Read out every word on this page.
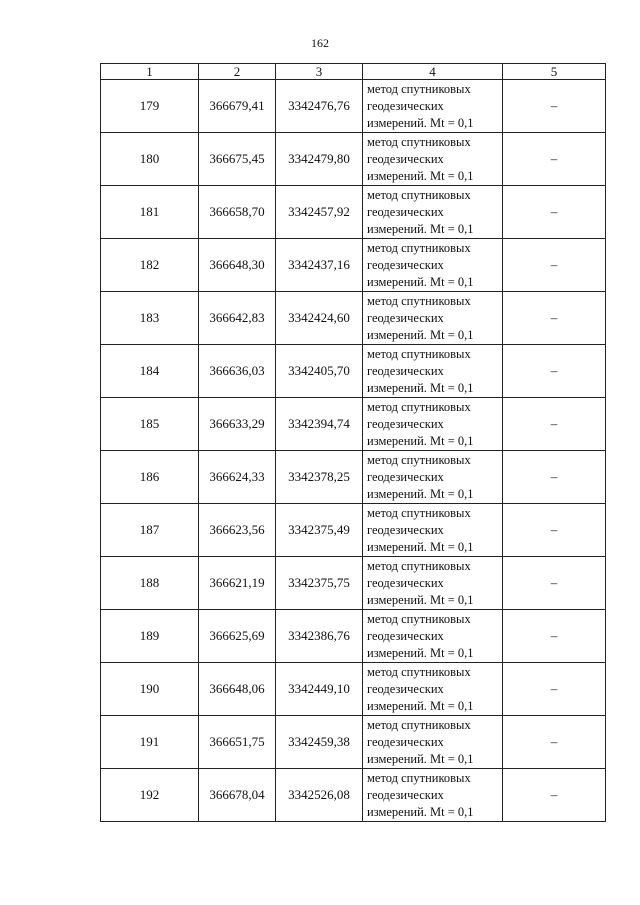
162
1	2	3	4	5
179	366679,41	3342476,76	метод спутниковых
геодезических
измерений. Mt = 0,1	–
180	366675,45	3342479,80	метод спутниковых
геодезических
измерений. Mt = 0,1	–
181	366658,70	3342457,92	метод спутниковых
геодезических
измерений. Mt = 0,1	–
182	366648,30	3342437,16	метод спутниковых
геодезических
измерений. Mt = 0,1	–
183	366642,83	3342424,60	метод спутниковых
геодезических
измерений. Mt = 0,1	–
184	366636,03	3342405,70	метод спутниковых
геодезических
измерений. Mt = 0,1	–
185	366633,29	3342394,74	метод спутниковых
геодезических
измерений. Mt = 0,1	–
186	366624,33	3342378,25	метод спутниковых
геодезических
измерений. Mt = 0,1	–
187	366623,56	3342375,49	метод спутниковых
геодезических
измерений. Mt = 0,1	–
188	366621,19	3342375,75	метод спутниковых
геодезических
измерений. Mt = 0,1	–
189	366625,69	3342386,76	метод спутниковых
геодезических
измерений. Mt = 0,1	–
190	366648,06	3342449,10	метод спутниковых
геодезических
измерений. Mt = 0,1	–
191	366651,75	3342459,38	метод спутниковых
геодезических
измерений. Mt = 0,1	–
192	366678,04	3342526,08	метод спутниковых
геодезических
измерений. Mt = 0,1	–
